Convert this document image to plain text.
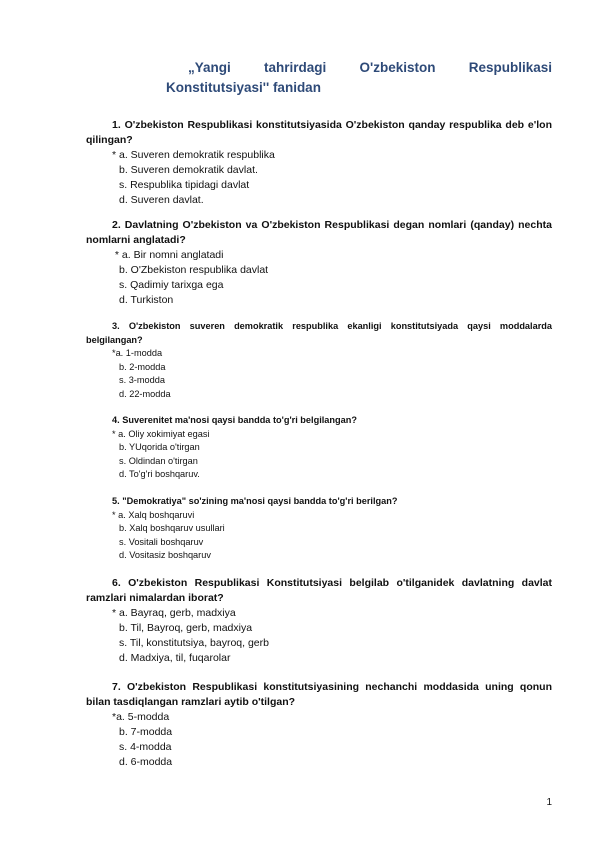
„Yangi tahrirdagi O'zbekiston Respublikasi
Konstitutsiyasi'' fanidan
1. O'zbekiston Respublikasi konstitutsiyasida O'zbekiston qanday respublika deb e'lon qilingan?
* a. Suveren demokratik respublika
b. Suveren demokratik davlat.
s. Respublika tipidagi davlat
d. Suveren davlat.
2. Davlatning O'zbekiston va O'zbekiston Respublikasi degan nomlari (qanday) nechta nomlarni anglatadi?
* a. Bir nomni anglatadi
b. O'Zbekiston respublika davlat
s. Qadimiy tarixga ega
d. Turkiston
3. O'zbekiston suveren demokratik respublika ekanligi konstitutsiyada qaysi moddalarda belgilangan?
*a. 1-modda
b. 2-modda
s. 3-modda
d. 22-modda
4. Suverenitet ma'nosi qaysi bandda to'g'ri belgilangan?
* a. Oliy xokimiyat egasi
b. YUqorida o'tirgan
s. Oldindan o'tirgan
d. To'g'ri boshqaruv.
5. "Demokratiya" so'zining ma'nosi qaysi bandda to'g'ri berilgan?
* a. Xalq boshqaruvi
b. Xalq boshqaruv usullari
s. Vositali boshqaruv
d. Vositasiz boshqaruv
6. O'zbekiston Respublikasi Konstitutsiyasi belgilab o'tilganidek davlatning davlat ramzlari nimalardan iborat?
* a. Bayraq, gerb, madxiya
b. Til, Bayroq, gerb, madxiya
s. Til, konstitutsiya, bayroq, gerb
d. Madxiya, til, fuqarolar
7. O'zbekiston Respublikasi konstitutsiyasining nechanchi moddasida uning qonun bilan tasdiqlangan ramzlari aytib o'tilgan?
*a. 5-modda
b. 7-modda
s. 4-modda
d. 6-modda
1
